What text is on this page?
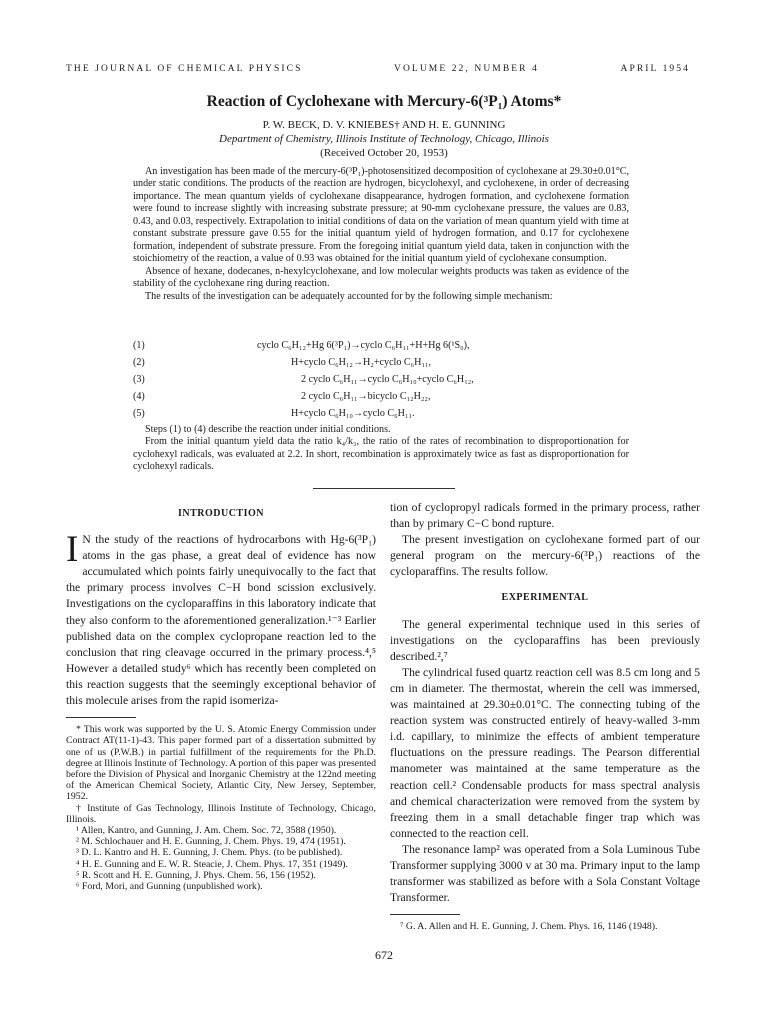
THE JOURNAL OF CHEMICAL PHYSICS	VOLUME 22, NUMBER 4	APRIL 1954
Reaction of Cyclohexane with Mercury-6(³P₁) Atoms*
P. W. BECK, D. V. KNIEBES† AND H. E. GUNNING
Department of Chemistry, Illinois Institute of Technology, Chicago, Illinois
(Received October 20, 1953)

An investigation has been made of the mercury-6(³P₁)-photosensitized decomposition of cyclohexane at 29.30±0.01°C, under static conditions. The products of the reaction are hydrogen, bicyclohexyl, and cyclohexene, in order of decreasing importance. The mean quantum yields of cyclohexane disappearance, hydrogen formation, and cyclohexene formation were found to increase slightly with increasing substrate pressure; at 90-mm cyclohexane pressure, the values are 0.83, 0.43, and 0.03, respectively. Extrapolation to initial conditions of data on the variation of mean quantum yield with time at constant substrate pressure gave 0.55 for the initial quantum yield of hydrogen formation, and 0.17 for cyclohexene formation, independent of substrate pressure. From the foregoing initial quantum yield data, taken in conjunction with the stoichiometry of the reaction, a value of 0.93 was obtained for the initial quantum yield of cyclohexane consumption.

Absence of hexane, dodecanes, n-hexylcyclohexane, and low molecular weights products was taken as evidence of the stability of the cyclohexane ring during reaction.

The results of the investigation can be adequately accounted for by the following simple mechanism:

(1)	cyclo C₆H₁₂+Hg 6(³P₁)→cyclo C₆H₁₁+H+Hg 6(¹S₀),
(2)	H+cyclo C₆H₁₂→H₂+cyclo C₆H₁₁,
(3)	2 cyclo C₆H₁₁→cyclo C₆H₁₀+cyclo C₆H₁₂,
(4)	2 cyclo C₆H₁₁→bicyclo C₁₂H₂₂,
(5)	H+cyclo C₆H₁₀→cyclo C₆H₁₁.

Steps (1) to (4) describe the reaction under initial conditions.

From the initial quantum yield data the ratio k₄/k₃, the ratio of the rates of recombination to disproportionation for cyclohexyl radicals, was evaluated at 2.2. In short, recombination is approximately twice as fast as disproportionation for cyclohexyl radicals.

INTRODUCTION

I N the study of the reactions of hydrocarbons with Hg-6(³P₁) atoms in the gas phase, a great deal of evidence has now accumulated which points fairly unequivocally to the fact that the primary process involves C−H bond scission exclusively. Investigations on the cycloparaffins in this laboratory indicate that they also conform to the aforementioned generalization.¹⁻³ Earlier published data on the complex cyclopropane reaction led to the conclusion that ring cleavage occurred in the primary process.⁴,⁵ However a detailed study⁶ which has recently been completed on this reaction suggests that the seemingly exceptional behavior of this molecule arises from the rapid isomeriza-

* This work was supported by the U. S. Atomic Energy Commission under Contract AT(11-1)-43. This paper formed part of a dissertation submitted by one of us (P.W.B.) in partial fulfillment of the requirements for the Ph.D. degree at Illinois Institute of Technology. A portion of this paper was presented before the Division of Physical and Inorganic Chemistry at the 122nd meeting of the American Chemical Society, Atlantic City, New Jersey, September, 1952.

† Institute of Gas Technology, Illinois Institute of Technology, Chicago, Illinois.

¹ Allen, Kantro, and Gunning, J. Am. Chem. Soc. 72, 3588 (1950).

² M. Schlochauer and H. E. Gunning, J. Chem. Phys. 19, 474 (1951).

³ D. L. Kantro and H. E. Gunning, J. Chem. Phys. (to be published).

⁴ H. E. Gunning and E. W. R. Steacie, J. Chem. Phys. 17, 351 (1949).

⁵ R. Scott and H. E. Gunning, J. Phys. Chem. 56, 156 (1952).

⁶ Ford, Mori, and Gunning (unpublished work).

tion of cyclopropyl radicals formed in the primary process, rather than by primary C−C bond rupture.

The present investigation on cyclohexane formed part of our general program on the mercury-6(³P₁) reactions of the cycloparaffins. The results follow.

EXPERIMENTAL

The general experimental technique used in this series of investigations on the cycloparaffins has been previously described.²,⁷

The cylindrical fused quartz reaction cell was 8.5 cm long and 5 cm in diameter. The thermostat, wherein the cell was immersed, was maintained at 29.30±0.01°C. The connecting tubing of the reaction system was constructed entirely of heavy-walled 3-mm i.d. capillary, to minimize the effects of ambient temperature fluctuations on the pressure readings. The Pearson differential manometer was maintained at the same temperature as the reaction cell.² Condensable products for mass spectral analysis and chemical characterization were removed from the system by freezing them in a small detachable finger trap which was connected to the reaction cell.

The resonance lamp² was operated from a Sola Luminous Tube Transformer supplying 3000 v at 30 ma. Primary input to the lamp transformer was stabilized as before with a Sola Constant Voltage Transformer.

⁷ G. A. Allen and H. E. Gunning, J. Chem. Phys. 16, 1146 (1948).

672
